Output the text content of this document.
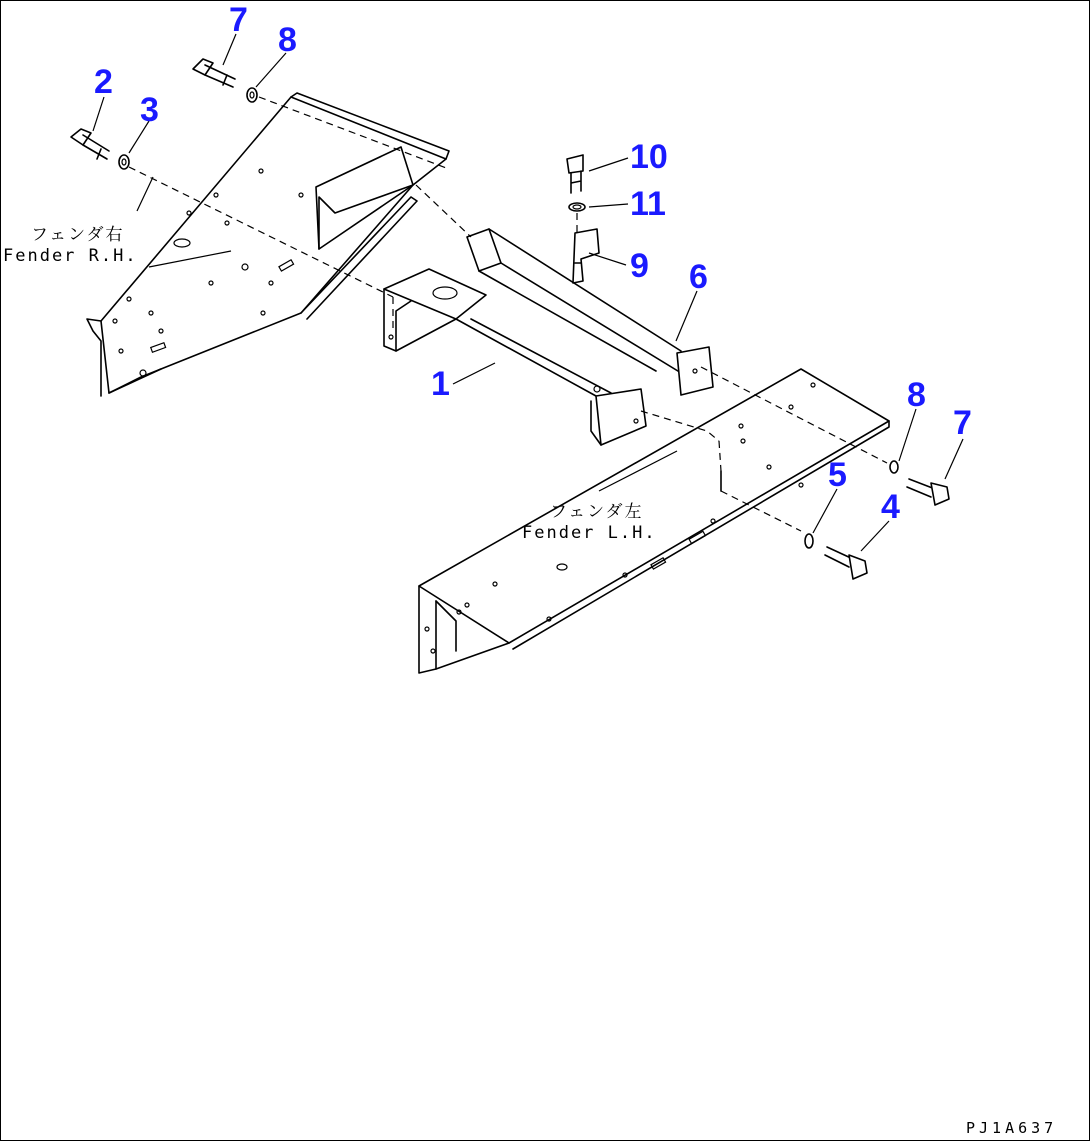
7
8
2
3
10
11
9 6
1	8
7
5
4
フェンダ右
Fender R.H.
フェンダ左
Fender L.H.
PJ1A637
